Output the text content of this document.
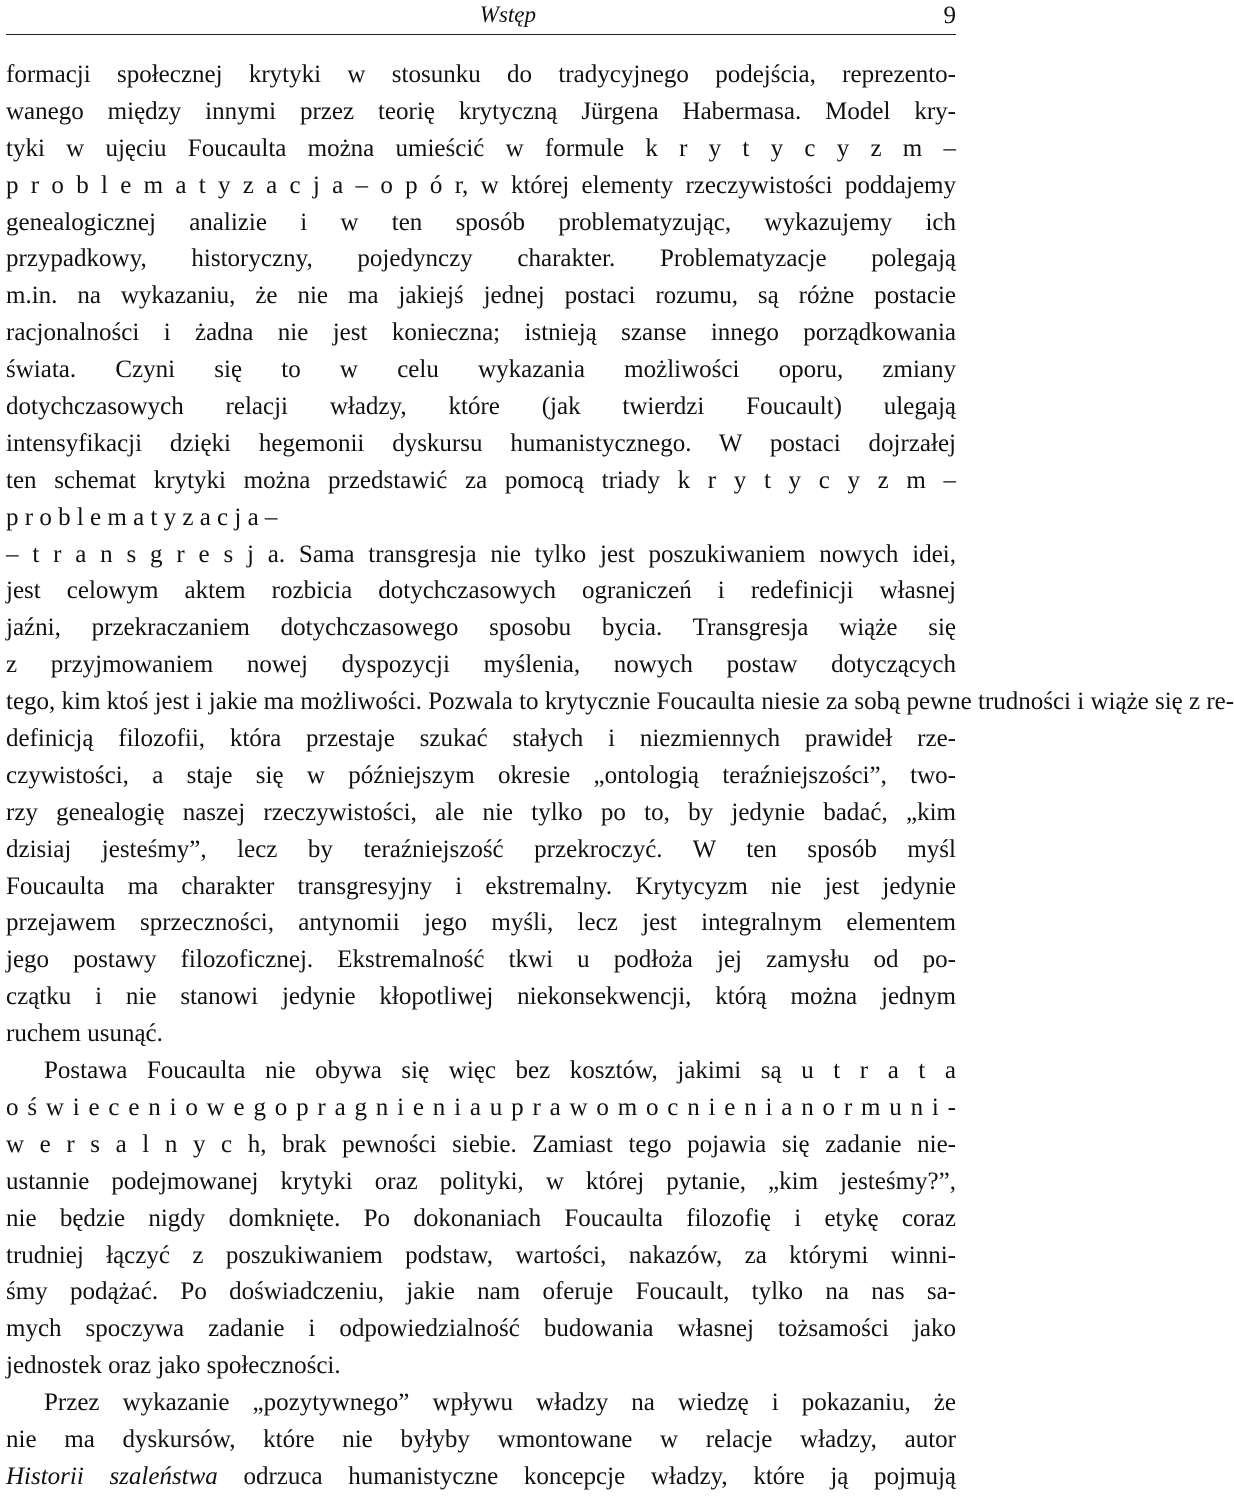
Wstęp	9
formacji społecznej krytyki w stosunku do tradycyjnego podejścia, reprezento-
wanego między innymi przez teorię krytyczną Jürgena Habermasa. Model kry-
tyki w ujęciu Foucaulta można umieścić w formule k r y t y c y z m –
p r o b l e m a t y z a c j a – o p ó r, w której elementy rzeczywistości poddajemy
genealogicznej analizie i w ten sposób problematyzując, wykazujemy ich
przypadkowy, historyczny, pojedynczy charakter. Problematyzacje polegają
m.in. na wykazaniu, że nie ma jakiejś jednej postaci rozumu, są różne postacie
racjonalności i żadna nie jest konieczna; istnieją szanse innego porządkowania
świata. Czyni się to w celu wykazania możliwości oporu, zmiany
dotychczasowych relacji władzy, które (jak twierdzi Foucault) ulegają
intensyfikacji dzięki hegemonii dyskursu humanistycznego. W postaci dojrzałej
ten schemat krytyki można przedstawić za pomocą triady k r y t y c y z m –
p r o b l e m a t y z a c j a –
– t r a n s g r e s j a. Sama transgresja nie tylko jest poszukiwaniem nowych idei,
jest celowym aktem rozbicia dotychczasowych ograniczeń i redefinicji własnej
jaźni, przekraczaniem dotychczasowego sposobu bycia. Transgresja wiąże się
z przyjmowaniem nowej dyspozycji myślenia, nowych postaw dotyczących
tego, kim ktoś jest i jakie ma możliwości. Pozwala to krytycznie Foucaulta niesie za sobą pewne trudności i wiąże się z re-
definicją filozofii, która przestaje szukać stałych i niezmiennych prawideł rze-
czywistości, a staje się w późniejszym okresie „ontologią teraźniejszości”, two-
rzy genealogię naszej rzeczywistości, ale nie tylko po to, by jedynie badać, „kim
dzisiaj jesteśmy”, lecz by teraźniejszość przekroczyć. W ten sposób myśl
Foucaulta ma charakter transgresyjny i ekstremalny. Krytycyzm nie jest jedynie
przejawem sprzeczności, antynomii jego myśli, lecz jest integralnym elementem
jego postawy filozoficznej. Ekstremalność tkwi u podłoża jej zamysłu od po-
czątku i nie stanowi jedynie kłopotliwej niekonsekwencji, którą można jednym
ruchem usunąć.
Postawa Foucaulta nie obywa się więc bez kosztów, jakimi są u t r a t a
o ś w i e c e n i o w e g o p r a g n i e n i a u p r a w o m o c n i e n i a n o r m u n i -
w e r s a l n y c h, brak pewności siebie. Zamiast tego pojawia się zadanie nie-
ustannie podejmowanej krytyki oraz polityki, w której pytanie, „kim jesteśmy?”,
nie będzie nigdy domknięte. Po dokonaniach Foucaulta filozofię i etykę coraz
trudniej łączyć z poszukiwaniem podstaw, wartości, nakazów, za którymi winni-
śmy podążać. Po doświadczeniu, jakie nam oferuje Foucault, tylko na nas sa-
mych spoczywa zadanie i odpowiedzialność budowania własnej tożsamości jako
jednostek oraz jako społeczności.
Przez wykazanie „pozytywnego” wpływu władzy na wiedzę i pokazaniu, że
nie ma dyskursów, które nie byłyby wmontowane w relacje władzy, autor
Historii szaleństwa odrzuca humanistyczne koncepcje władzy, które ją pojmują
